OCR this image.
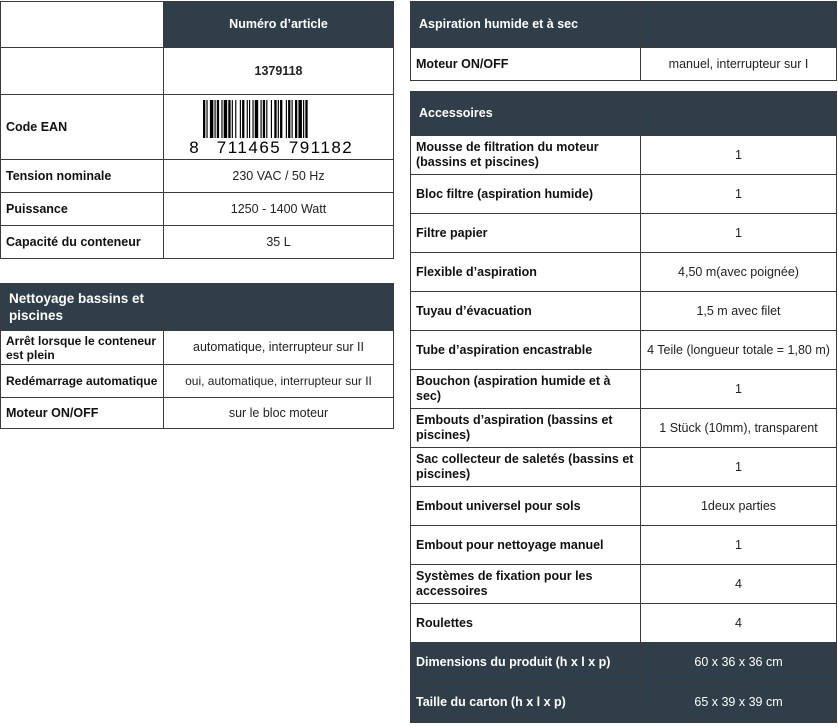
	Numéro d’article
	1379118
Code EAN	8 711465 791182

Tension nominale	230 VAC / 50 Hz
Puissance	1250 - 1400 Watt
Capacité du conteneur	35 L
Nettoyage bassins et piscines	
Arrêt lorsque le conteneur est plein	automatique, interrupteur sur II
Redémarrage automatique	oui, automatique, interrupteur sur II
Moteur ON/OFF	sur le bloc moteur
Aspiration humide et à sec	
Moteur ON/OFF	manuel, interrupteur sur I
Accessoires	
Mousse de filtration du moteur (bassins et piscines)	1
Bloc filtre (aspiration humide)	1
Filtre papier	1
Flexible d’aspiration	4,50 m(avec poignée)
Tuyau d’évacuation	1,5 m avec filet
Tube d’aspiration encastrable	4 Teile (longueur totale = 1,80 m)
Bouchon (aspiration humide et à sec)	1
Embouts d’aspiration (bassins et piscines)	1 Stück (10mm), transparent
Sac collecteur de saletés (bassins et piscines)	1
Embout universel pour sols	1deux parties
Embout pour nettoyage manuel	1
Systèmes de fixation pour les accessoires	4
Roulettes	4
Dimensions du produit (h x l x p)	60 x 36 x 36 cm
Taille du carton (h x l x p)	65 x 39 x 39 cm
